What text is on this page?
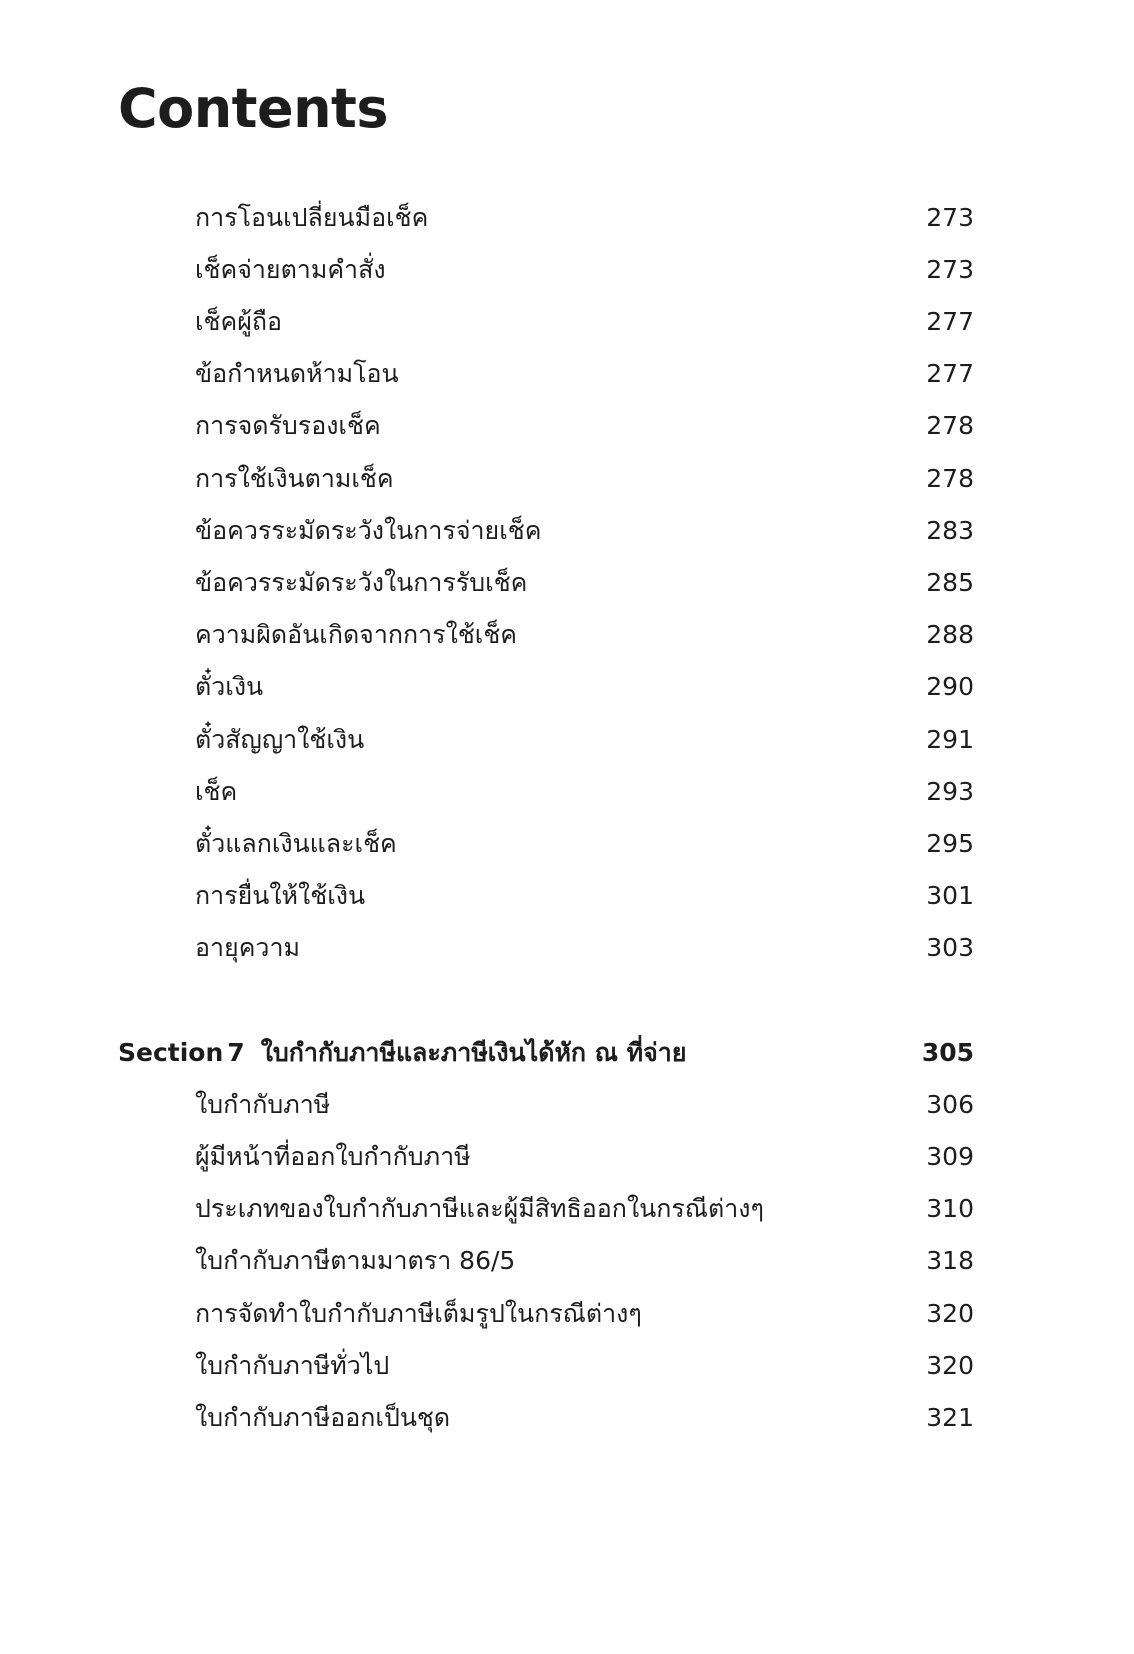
Contents
การโอนเปลี่ยนมือเช็ค	273
เช็คจ่ายตามคำสั่ง	273
เช็คผู้ถือ	277
ข้อกำหนดห้ามโอน	277
การจดรับรองเช็ค	278
การใช้เงินตามเช็ค	278
ข้อควรระมัดระวังในการจ่ายเช็ค	283
ข้อควรระมัดระวังในการรับเช็ค	285
ความผิดอันเกิดจากการใช้เช็ค	288
ตั๋วเงิน	290
ตั๋วสัญญาใช้เงิน	291
เช็ค	293
ตั๋วแลกเงินและเช็ค	295
การยื่นให้ใช้เงิน	301
อายุความ	303
Section 7 ใบกำกับภาษีและภาษีเงินได้หัก ณ ที่จ่าย	305
ใบกำกับภาษี	306
ผู้มีหน้าที่ออกใบกำกับภาษี	309
ประเภทของใบกำกับภาษีและผู้มีสิทธิออกในกรณีต่างๆ	310
ใบกำกับภาษีตามมาตรา 86/5	318
การจัดทำใบกำกับภาษีเต็มรูปในกรณีต่างๆ	320
ใบกำกับภาษีทั่วไป	320
ใบกำกับภาษีออกเป็นชุด	321
